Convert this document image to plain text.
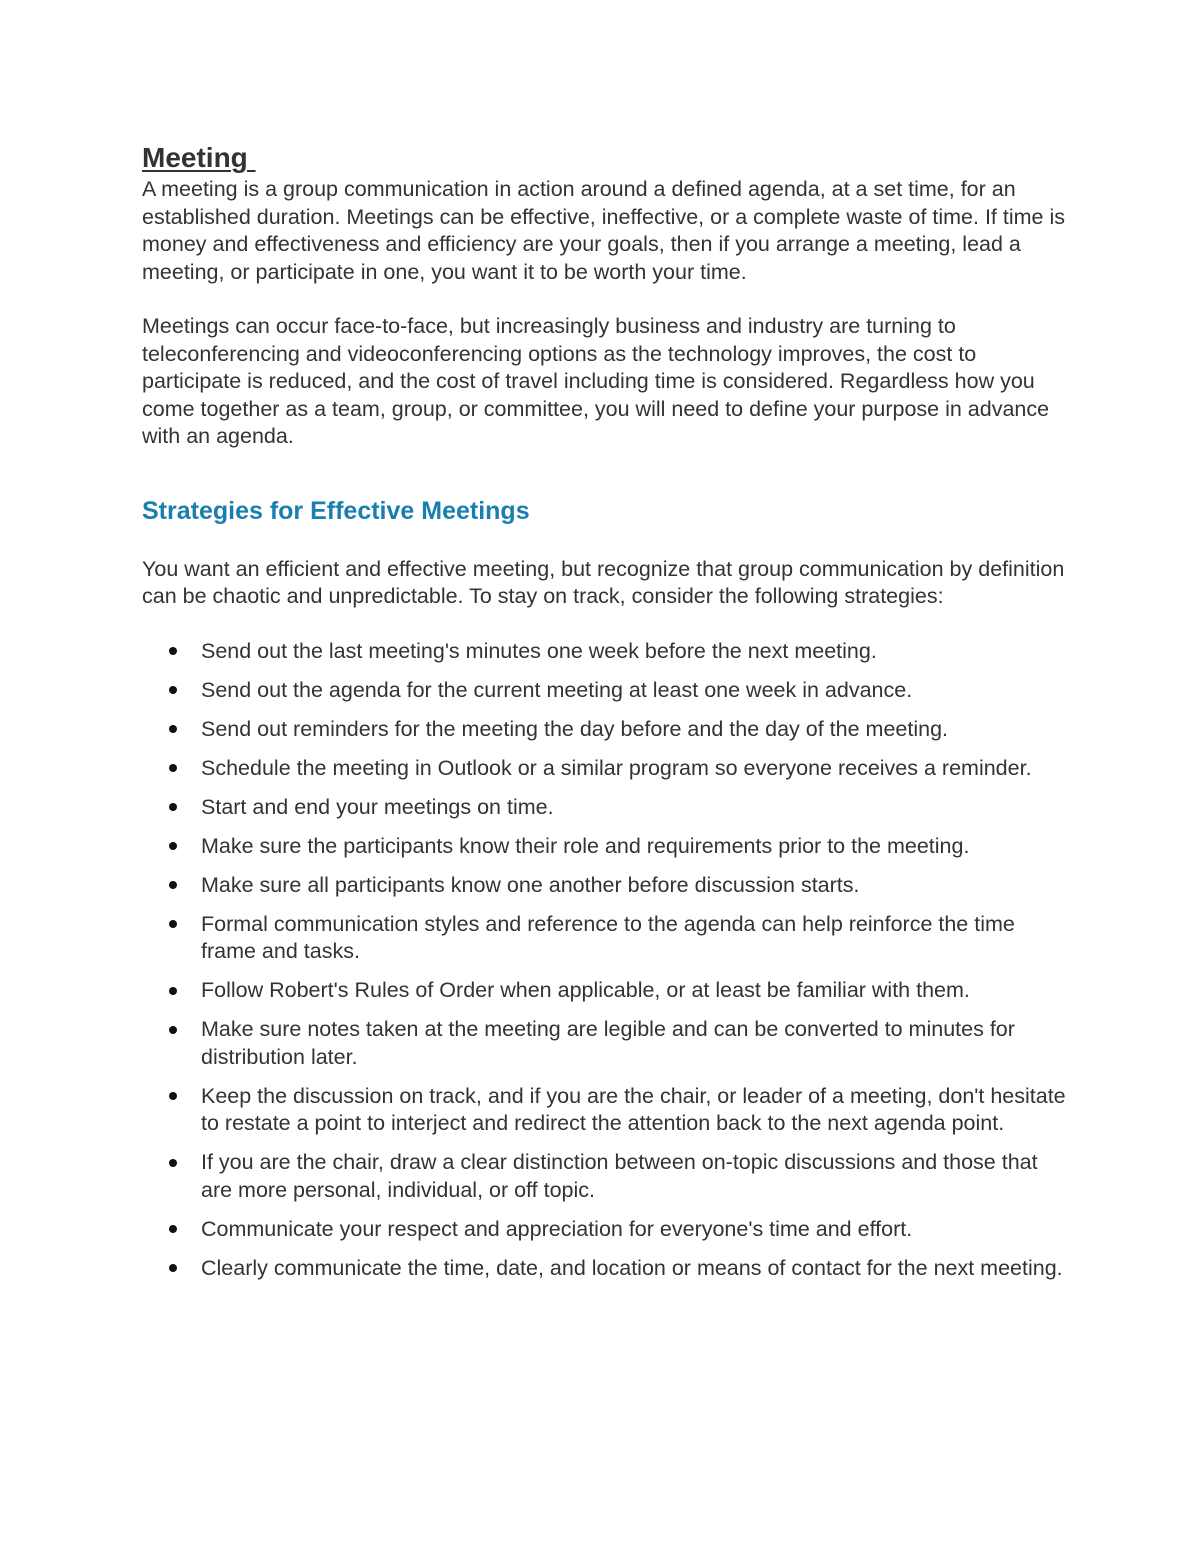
Meeting

A meeting is a group communication in action around a defined agenda, at a set time, for an established duration. Meetings can be effective, ineffective, or a complete waste of time. If time is money and effectiveness and efficiency are your goals, then if you arrange a meeting, lead a meeting, or participate in one, you want it to be worth your time.

Meetings can occur face-to-face, but increasingly business and industry are turning to teleconferencing and videoconferencing options as the technology improves, the cost to participate is reduced, and the cost of travel including time is considered. Regardless how you come together as a team, group, or committee, you will need to define your purpose in advance with an agenda.

Strategies for Effective Meetings

You want an efficient and effective meeting, but recognize that group communication by definition can be chaotic and unpredictable. To stay on track, consider the following strategies:

Send out the last meeting's minutes one week before the next meeting.
Send out the agenda for the current meeting at least one week in advance.
Send out reminders for the meeting the day before and the day of the meeting.
Schedule the meeting in Outlook or a similar program so everyone receives a reminder.
Start and end your meetings on time.
Make sure the participants know their role and requirements prior to the meeting.
Make sure all participants know one another before discussion starts.
Formal communication styles and reference to the agenda can help reinforce the time frame and tasks.
Follow Robert's Rules of Order when applicable, or at least be familiar with them.
Make sure notes taken at the meeting are legible and can be converted to minutes for distribution later.
Keep the discussion on track, and if you are the chair, or leader of a meeting, don't hesitate to restate a point to interject and redirect the attention back to the next agenda point.
If you are the chair, draw a clear distinction between on-topic discussions and those that are more personal, individual, or off topic.
Communicate your respect and appreciation for everyone's time and effort.
Clearly communicate the time, date, and location or means of contact for the next meeting.
